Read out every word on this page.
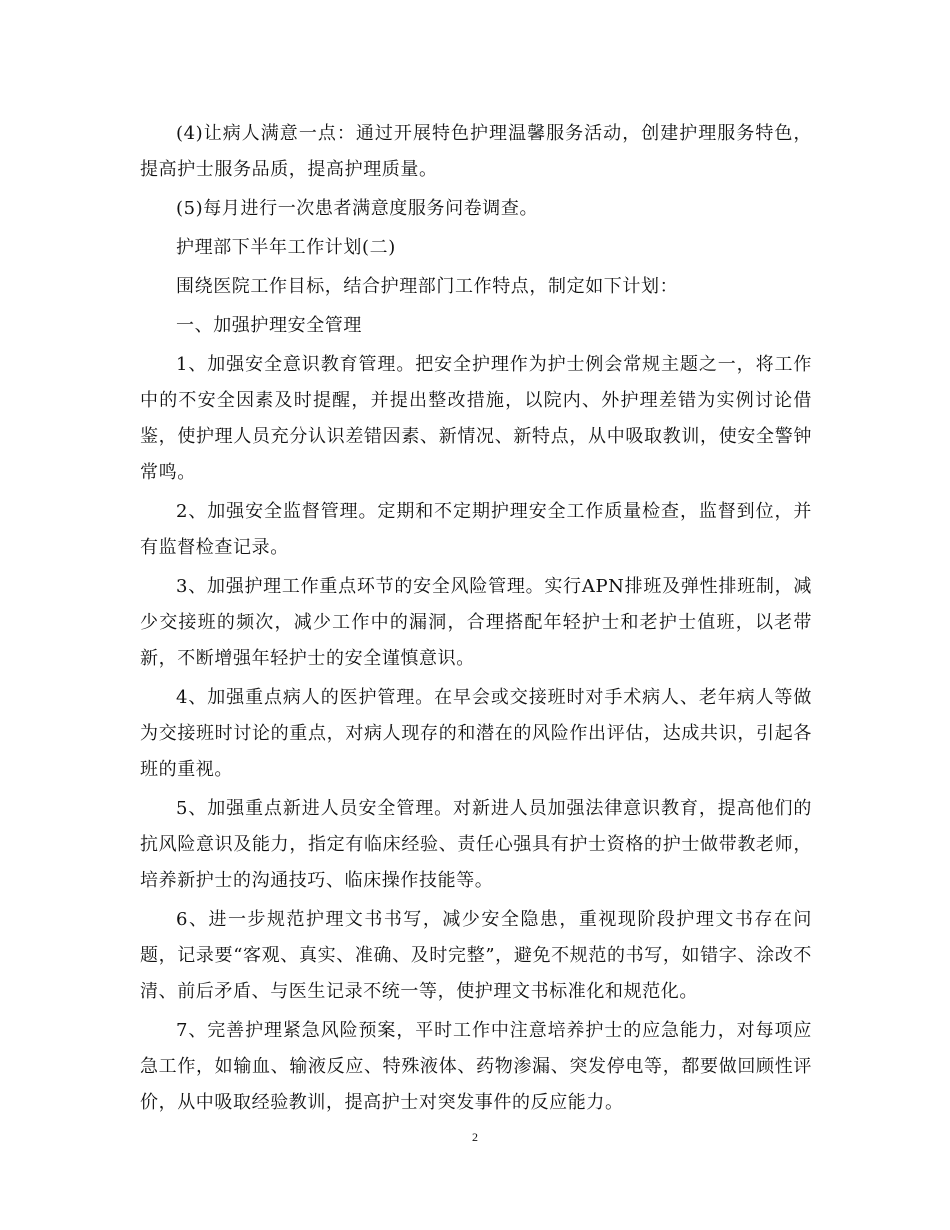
(4)让病人满意一点：通过开展特色护理温馨服务活动，创建护理服务特色，提高护士服务品质，提高护理质量。

(5)每月进行一次患者满意度服务问卷调查。

护理部下半年工作计划(二)

围绕医院工作目标，结合护理部门工作特点，制定如下计划：

一、加强护理安全管理

1、加强安全意识教育管理。把安全护理作为护士例会常规主题之一，将工作中的不安全因素及时提醒，并提出整改措施，以院内、外护理差错为实例讨论借鉴，使护理人员充分认识差错因素、新情况、新特点，从中吸取教训，使安全警钟常鸣。

2、加强安全监督管理。定期和不定期护理安全工作质量检查，监督到位，并有监督检查记录。

3、加强护理工作重点环节的安全风险管理。实行APN排班及弹性排班制，减少交接班的频次，减少工作中的漏洞，合理搭配年轻护士和老护士值班，以老带新，不断增强年轻护士的安全谨慎意识。

4、加强重点病人的医护管理。在早会或交接班时对手术病人、老年病人等做为交接班时讨论的重点，对病人现存的和潜在的风险作出评估，达成共识，引起各班的重视。

5、加强重点新进人员安全管理。对新进人员加强法律意识教育，提高他们的抗风险意识及能力，指定有临床经验、责任心强具有护士资格的护士做带教老师，培养新护士的沟通技巧、临床操作技能等。

6、进一步规范护理文书书写，减少安全隐患，重视现阶段护理文书存在问题，记录要“客观、真实、准确、及时完整”，避免不规范的书写，如错字、涂改不清、前后矛盾、与医生记录不统一等，使护理文书标准化和规范化。

7、完善护理紧急风险预案，平时工作中注意培养护士的应急能力，对每项应急工作，如输血、输液反应、特殊液体、药物渗漏、突发停电等，都要做回顾性评价，从中吸取经验教训，提高护士对突发事件的反应能力。

2
